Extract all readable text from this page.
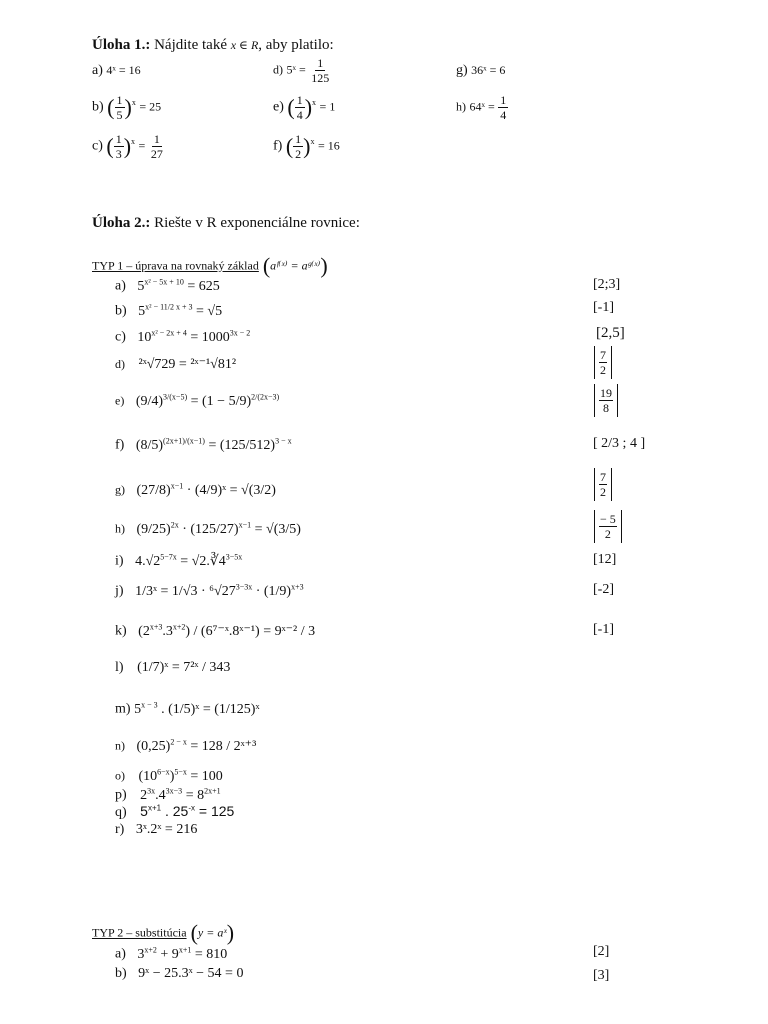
Úloha 1.: Nájdite také x ∈ R, aby platilo:
a) 4ˣ = 16
b) ( $\frac{1}{5} )^x = 25$
c) ( $\frac{1}{3} )^x = \frac{1}{27}$
d) 5ˣ = $\frac{1}{125}$
e) ( $\frac{1}{4} )^x = 1$
f) ( $\frac{1}{2} )^x = 16$
g) 36ˣ = 6
h) 64ˣ = $\frac{1}{4}$
Úloha 2.: Riešte v R exponenciálne rovnice:
TYP 1 – úprava na rovnaký základ (aᶠ⁽ˣ⁾ = aᵍ⁽ˣ⁾)
a) $5^{x^2 - 5x + 10} = 625$	[2;3]
b) $5^{x^2 - 11/2 x + 3} = √5$	[-1]
c) $10^{x^2 - 2x + 4} = 1000^{3x - 2}$	[2,5]
d) ²ˣ√729 = ²ˣ⁻¹√81²	$\frac{7}{2}$
e) $(9/4)^{3/(x-5)} = (1 - 5/9)^{2/(2x-3)}$	$\frac{19}{8}$
f) $(8/5)^{(2x+1)/(x-1)} = (125/512)^{3 - x}$	[ 2/3 ; 4 ]
g) $(27/8)^{x-1}$ · (4/9)ˣ = √(3/2)	$\frac{7}{2}$
h) $(9/25)^{2x} \cdot (125/27)^{x-1} = √(3/5)$	$\frac{- 5}{2}$
i) $4.√2^{5-7x}$ = $√2.∛4^{3-5x}$	[12]
j) 1/3ˣ = $1/√3 \cdot ^6√27^{3-3x} \cdot (1/9)^{x+3}$	[-2]
k) $(2^{x+3}.3^{x+2})$ / (6⁷⁻ˣ.8ˣ⁻¹) = 9ˣ⁻² / 3	[-1]
l) (1/7)ˣ = 7²ˣ / 343
m) $5^{x - 3}$ . (1/5)ˣ = (1/125)ˣ
n) $(0,25)^{2 - x} = 128$ / 2ˣ⁺³
o) $(10^{6-x})^{5-x} = 100$
p) $2^{3x}.4^{3x-3} = 8^{2x+1}$
q) $5^{x+1}$ . $25^{-x} = 125$
r) 3ˣ.2ˣ = 216
TYP 2 – substitúcia (y = aˣ)
a) $3^{x+2} + 9^{x+1} = 810$	[2]
b) 9ˣ − 25.3ˣ − 54 = 0	[3]
